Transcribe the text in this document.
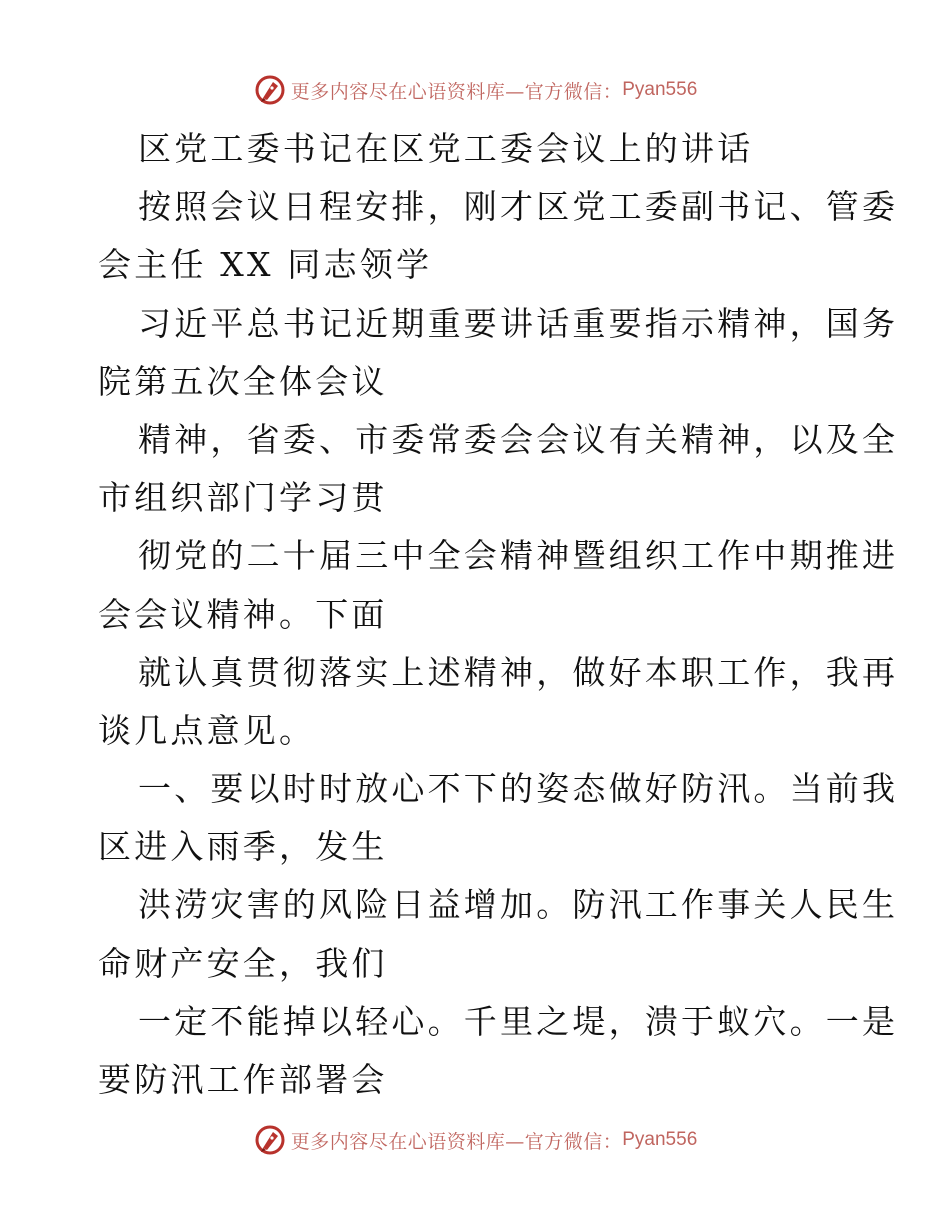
更多内容尽在心语资料库—官方微信： Pyan556
区党工委书记在区党工委会议上的讲话
按照会议日程安排，刚才区党工委副书记、管委
会主任 XX 同志领学
习近平总书记近期重要讲话重要指示精神，国务
院第五次全体会议
精神，省委、市委常委会会议有关精神，以及全
市组织部门学习贯
彻党的二十届三中全会精神暨组织工作中期推进
会会议精神。下面
就认真贯彻落实上述精神，做好本职工作，我再
谈几点意见。
一、要以时时放心不下的姿态做好防汛。当前我
区进入雨季，发生
洪涝灾害的风险日益增加。防汛工作事关人民生
命财产安全，我们
一定不能掉以轻心。千里之堤，溃于蚁穴。一是
要防汛工作部署会
更多内容尽在心语资料库—官方微信： Pyan556
